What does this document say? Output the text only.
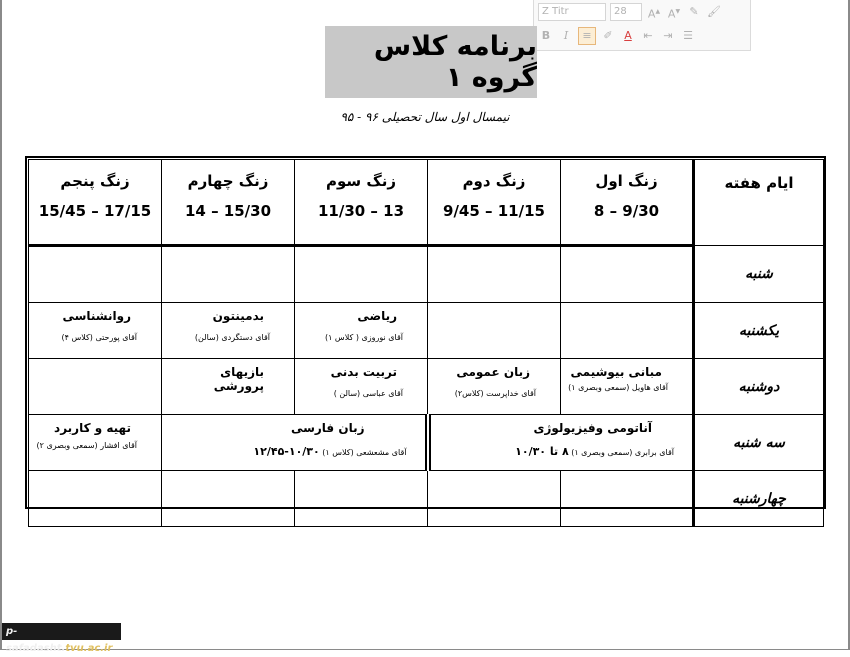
Z Titr	28	A▲ A▼ ✎ 🖌
B	I	≡	✐	A	⇤ ⇥ ☰
برنامه کلاس گروه ۱
نیمسال اول سال تحصیلی ۹۶ - ۹۵
ایام هفته	زنگ اول
8 – 9/30	زنگ دوم
9/45 – 11/15	زنگ سوم
11/30 – 13	زنگ چهارم
14 – 15/30	زنگ پنجم
15/45 – 17/15

شنبه					
یکشنبه			ریاضی
آقای نوروزی ( کلاس ۱)	بدمینتون
آقای دستگردی (سالن)	روانشناسی
آقای پورحتی (کلاس ۴)

دوشنبه	مبانی بیوشیمی
آقای هاویل (سمعی وبصری ۱)	زبان عمومی
آقای خداپرست (کلاس۲)	تربیت بدنی
آقای عباسی (سالن )	بازیهای پرورشی	

سه شنبه	آناتومی وفیزیولوژی
آقای برابری (سمعی وبصری ۱) ۸ تا ۱۰/۳۰		زبان فارسی
آقای مشعشعی (کلاس ۱) ۱۰/۳۰-۱۲/۴۵		تهیه و کاربرد
آقای افشار (سمعی وبصری ۲)

چهارشنبه					
p-safadasht.tvu.ac.ir
